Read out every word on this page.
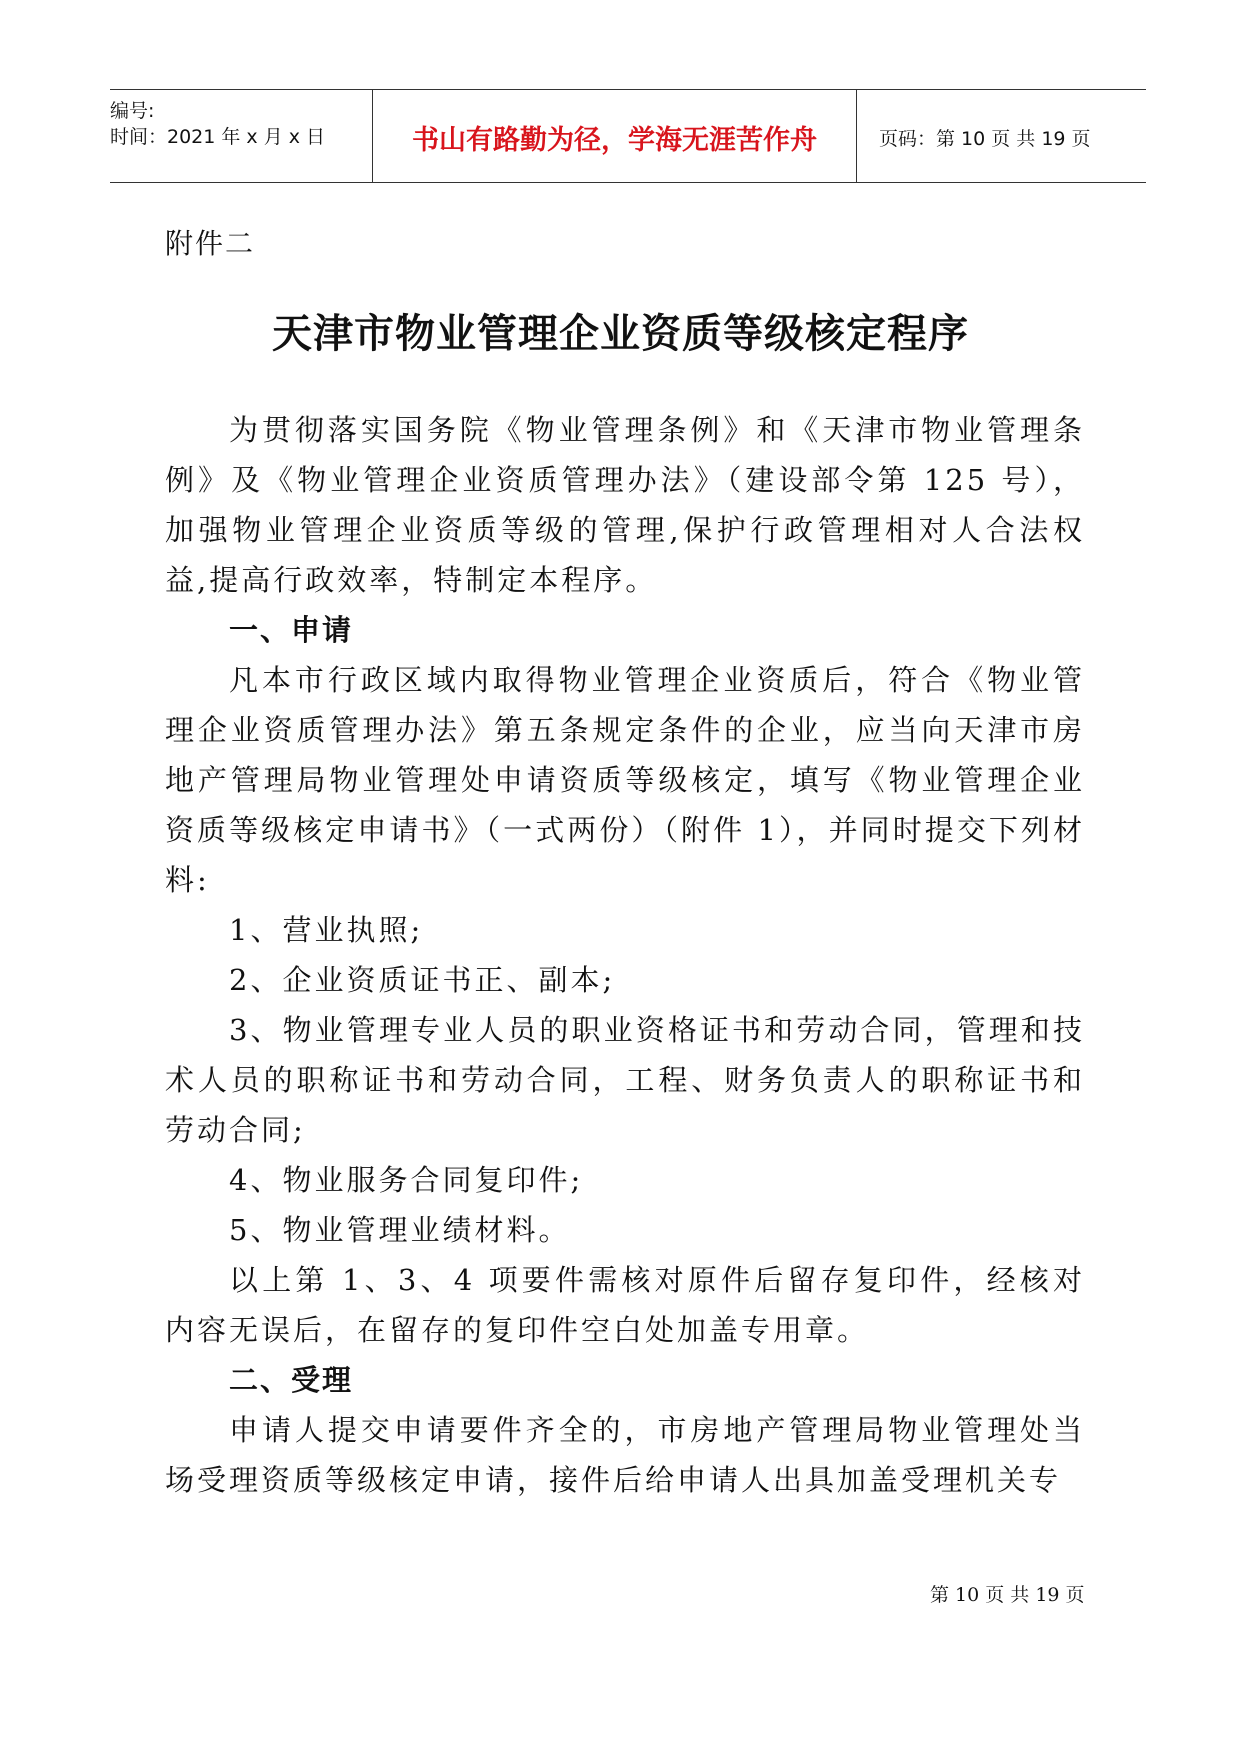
编号:
时间：2021 年 x 月 x 日	书山有路勤为径，学海无涯苦作舟	页码：第 10 页 共 19 页
附件二
天津市物业管理企业资质等级核定程序

为贯彻落实国务院《物业管理条例》和《天津市物业管理条例》及《物业管理企业资质管理办法》（建设部令第 125 号），加强物业管理企业资质等级的管理,保护行政管理相对人合法权益,提高行政效率，特制定本程序。

一、申请

凡本市行政区域内取得物业管理企业资质后，符合《物业管理企业资质管理办法》第五条规定条件的企业，应当向天津市房地产管理局物业管理处申请资质等级核定，填写《物业管理企业资质等级核定申请书》（一式两份）（附件 1），并同时提交下列材料:

1、营业执照;

2、企业资质证书正、副本;

3、物业管理专业人员的职业资格证书和劳动合同，管理和技术人员的职称证书和劳动合同，工程、财务负责人的职称证书和劳动合同;

4、物业服务合同复印件;

5、物业管理业绩材料。

以上第 1、3、4 项要件需核对原件后留存复印件，经核对内容无误后，在留存的复印件空白处加盖专用章。

二、受理

申请人提交申请要件齐全的，市房地产管理局物业管理处当场受理资质等级核定申请，接件后给申请人出具加盖受理机关专

第 10 页 共 19 页
